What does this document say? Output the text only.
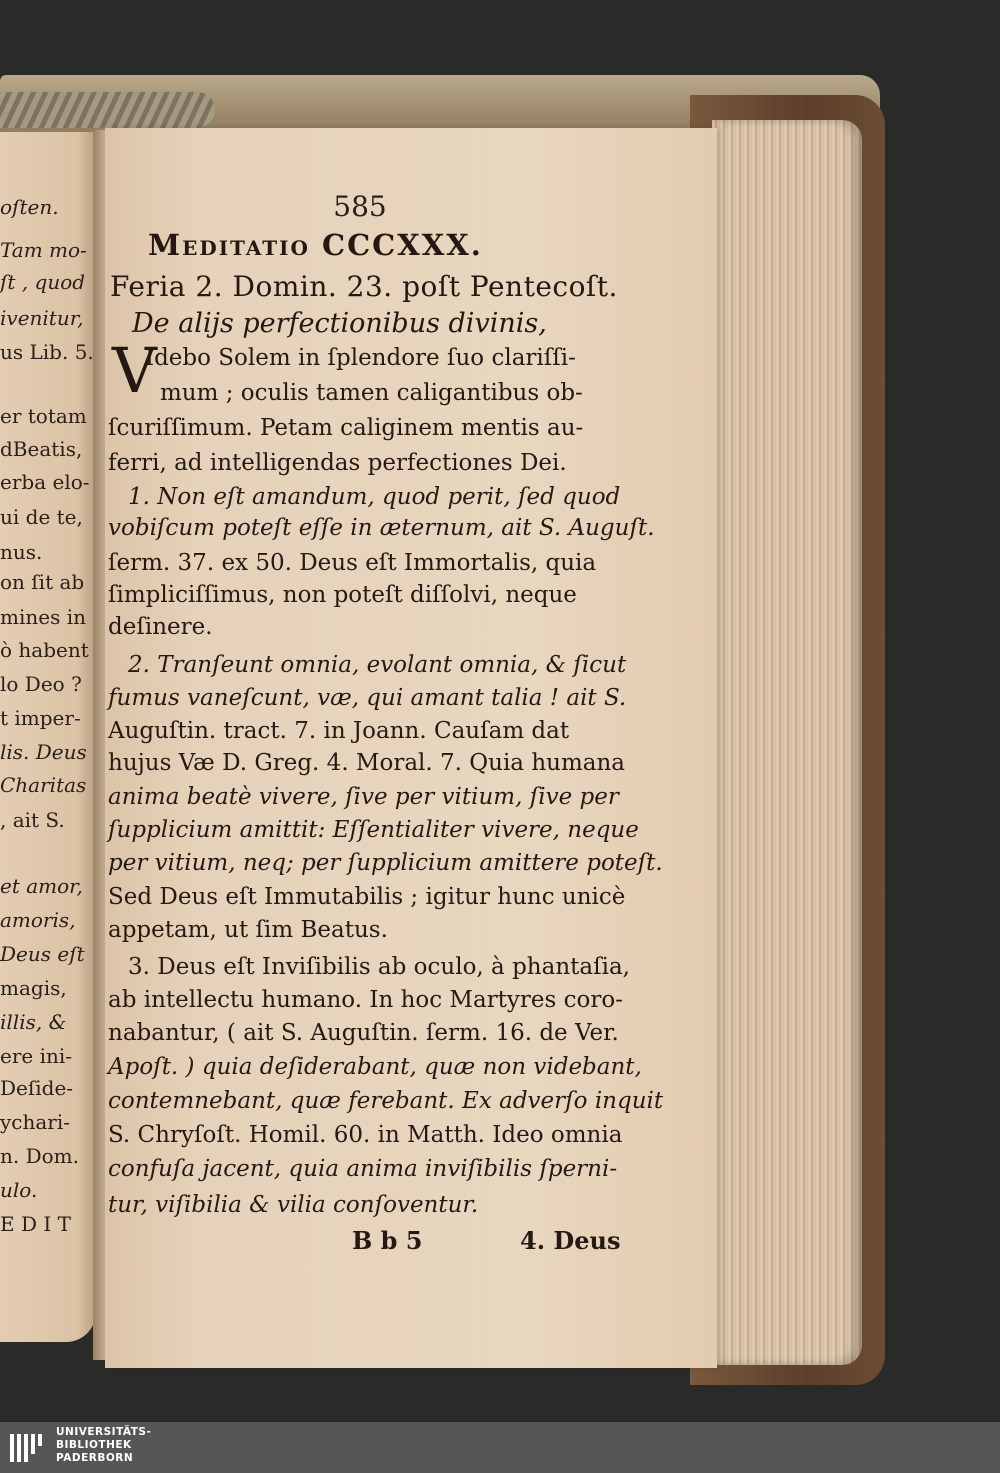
585
Meditatio CCCXXX.
Feria 2. Domin. 23. poſt Pentecoſt.
De alijs perfectionibus divinis,
V
Idebo Solem in ſplendore ſuo clariſſi-
mum ; oculis tamen caligantibus ob-
ſcuriſſimum. Petam caliginem mentis au-
ferri, ad intelligendas perfectiones Dei.
1. Non eſt amandum, quod perit, ſed quod
vobiſcum poteſt eſſe in æternum, ait S. Auguſt.
ſerm. 37. ex 50. Deus eſt Immortalis, quia
ſimpliciſſimus, non poteſt diſſolvi, neque
deſinere.
2. Tranſeunt omnia, evolant omnia, & ſicut
fumus vaneſcunt, væ, qui amant talia ! ait S.
Auguſtin. tract. 7. in Joann. Cauſam dat
hujus Væ D. Greg. 4. Moral. 7. Quia humana
anima beatè vivere, ſive per vitium, ſive per
ſupplicium amittit: Eſſentialiter vivere, neque
per vitium, neq; per ſupplicium amittere poteſt.
Sed Deus eſt Immutabilis ; igitur hunc unicè
appetam, ut ſim Beatus.
3. Deus eſt Inviſibilis ab oculo, à phantaſia,
ab intellectu humano. In hoc Martyres coro-
nabantur, ( ait S. Auguſtin. ſerm. 16. de Ver.
Apoſt. ) quia deſiderabant, quæ non videbant,
contemnebant, quæ ferebant. Ex adverſo inquit
S. Chryſoſt. Homil. 60. in Matth. Ideo omnia
confuſa jacent, quia anima inviſibilis ſperni-
tur, viſibilia & vilia conſoventur.
B b 5	4. Deus
UNIVERSITÄTS-
BIBLIOTHEK
PADERBORN
oſten.
Tam mo-
ſt , quod
ivenitur,
us Lib. 5.
er totam
dBeatis,
erba elo-
ui de te,
nus.
on ſit ab
mines in
ò habent
lo Deo ?
t imper-
lis. Deus
Charitas
, ait S.
et amor,
amoris,
Deus eſt
magis,
illis, &
ere ini-
Deſide-
ychari-
n. Dom.
ulo.
E D I T
